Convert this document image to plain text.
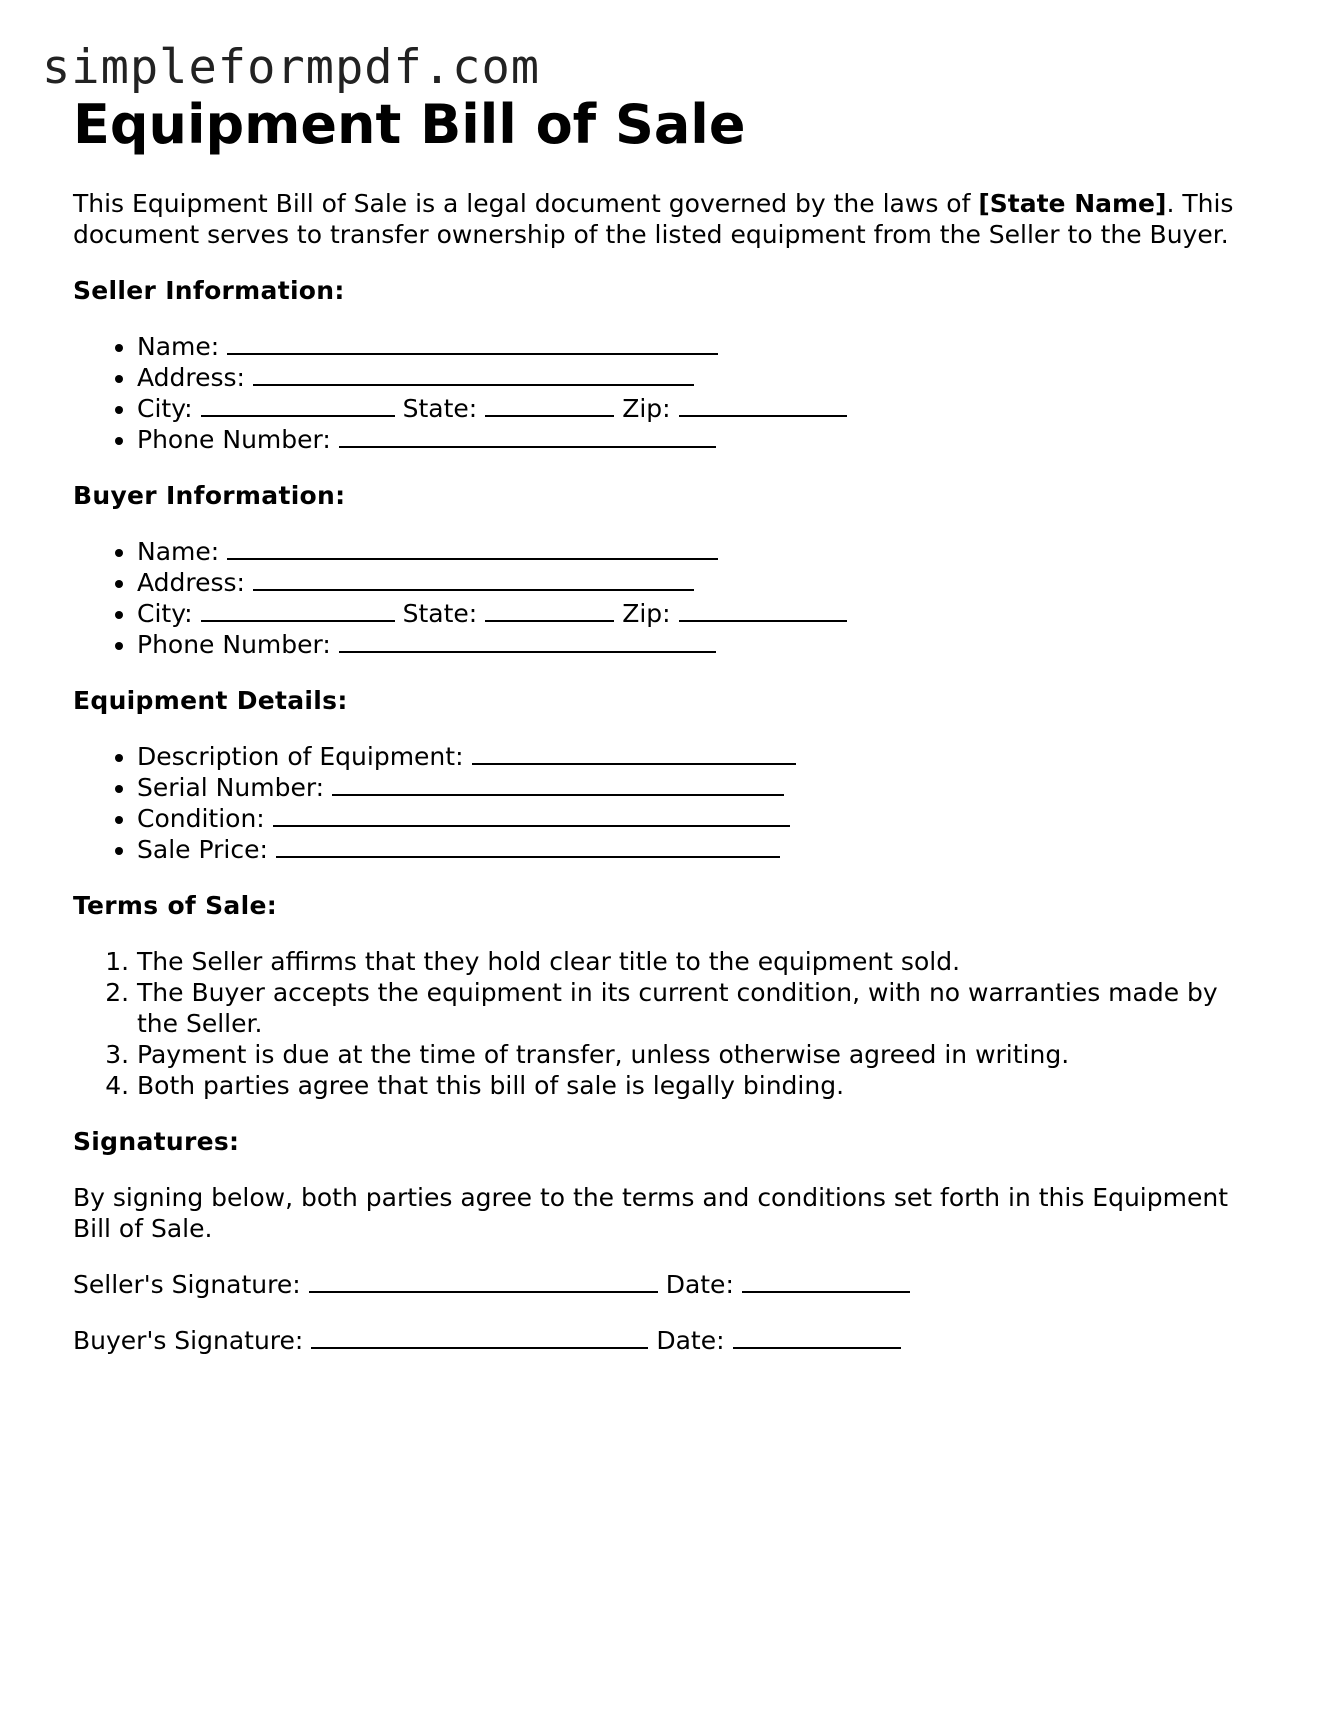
simpleformpdf.com
Equipment Bill of Sale

This Equipment Bill of Sale is a legal document governed by the laws of [State Name]. This document serves to transfer ownership of the listed equipment from the Seller to the Buyer.

Seller Information:
• Name:
• Address:
• City:	State:	Zip:
• Phone Number:
Buyer Information:
• Name:
• Address:
• City:	State:	Zip:
• Phone Number:
Equipment Details:
• Description of Equipment:
• Serial Number:
• Condition:
• Sale Price:
Terms of Sale:
1. The Seller affirms that they hold clear title to the equipment sold.
2. The Buyer accepts the equipment in its current condition, with no warranties made by the Seller.
3. Payment is due at the time of transfer, unless otherwise agreed in writing.
4. Both parties agree that this bill of sale is legally binding.
Signatures:

By signing below, both parties agree to the terms and conditions set forth in this Equipment Bill of Sale.

Seller's Signature:	Date:

Buyer's Signature:	Date:
